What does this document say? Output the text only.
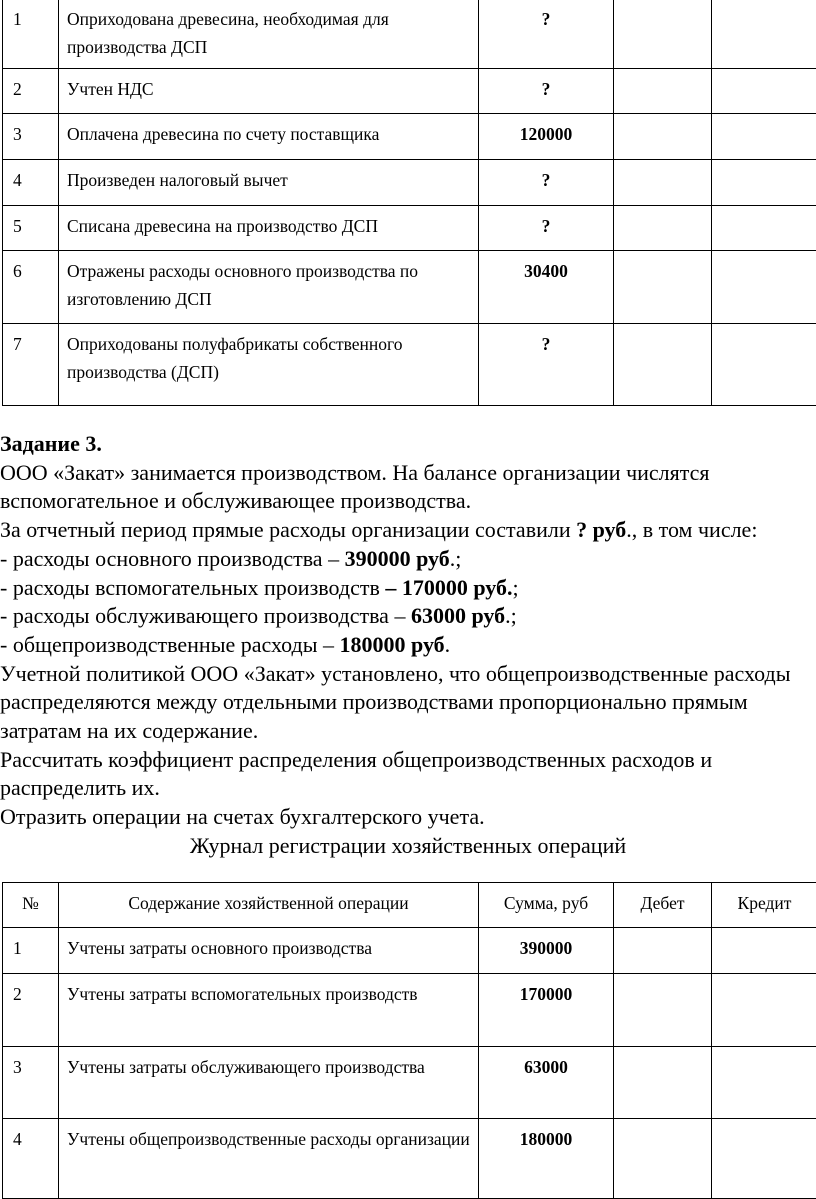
1	Оприходована древесина, необходимая для производства ДСП	?		
2	Учтен НДС	?		
3	Оплачена древесина по счету поставщика	120000		
4	Произведен налоговый вычет	?		
5	Списана древесина на производство ДСП	?		
6	Отражены расходы основного производства по изготовлению ДСП	30400		
7	Оприходованы полуфабрикаты собственного производства (ДСП)	?		

Задание 3.

ООО «Закат» занимается производством. На балансе организации числятся вспомогательное и обслуживающее производства.

За отчетный период прямые расходы организации составили ? руб., в том числе:

- расходы основного производства – 390000 руб.;

- расходы вспомогательных производств – 170000 руб.;

- расходы обслуживающего производства – 63000 руб.;

- общепроизводственные расходы – 180000 руб.

Учетной политикой ООО «Закат» установлено, что общепроизводственные расходы распределяются между отдельными производствами пропорционально прямым затратам на их содержание.

Рассчитать коэффициент распределения общепроизводственных расходов и распределить их.

Отразить операции на счетах бухгалтерского учета.

Журнал регистрации хозяйственных операций

№	Содержание хозяйственной операции	Сумма, руб	Дебет	Кредит
1	Учтены затраты основного производства	390000		
2	Учтены затраты вспомогательных производств	170000		
3	Учтены затраты обслуживающего производства	63000		
4	Учтены общепроизводственные расходы организации	180000		
